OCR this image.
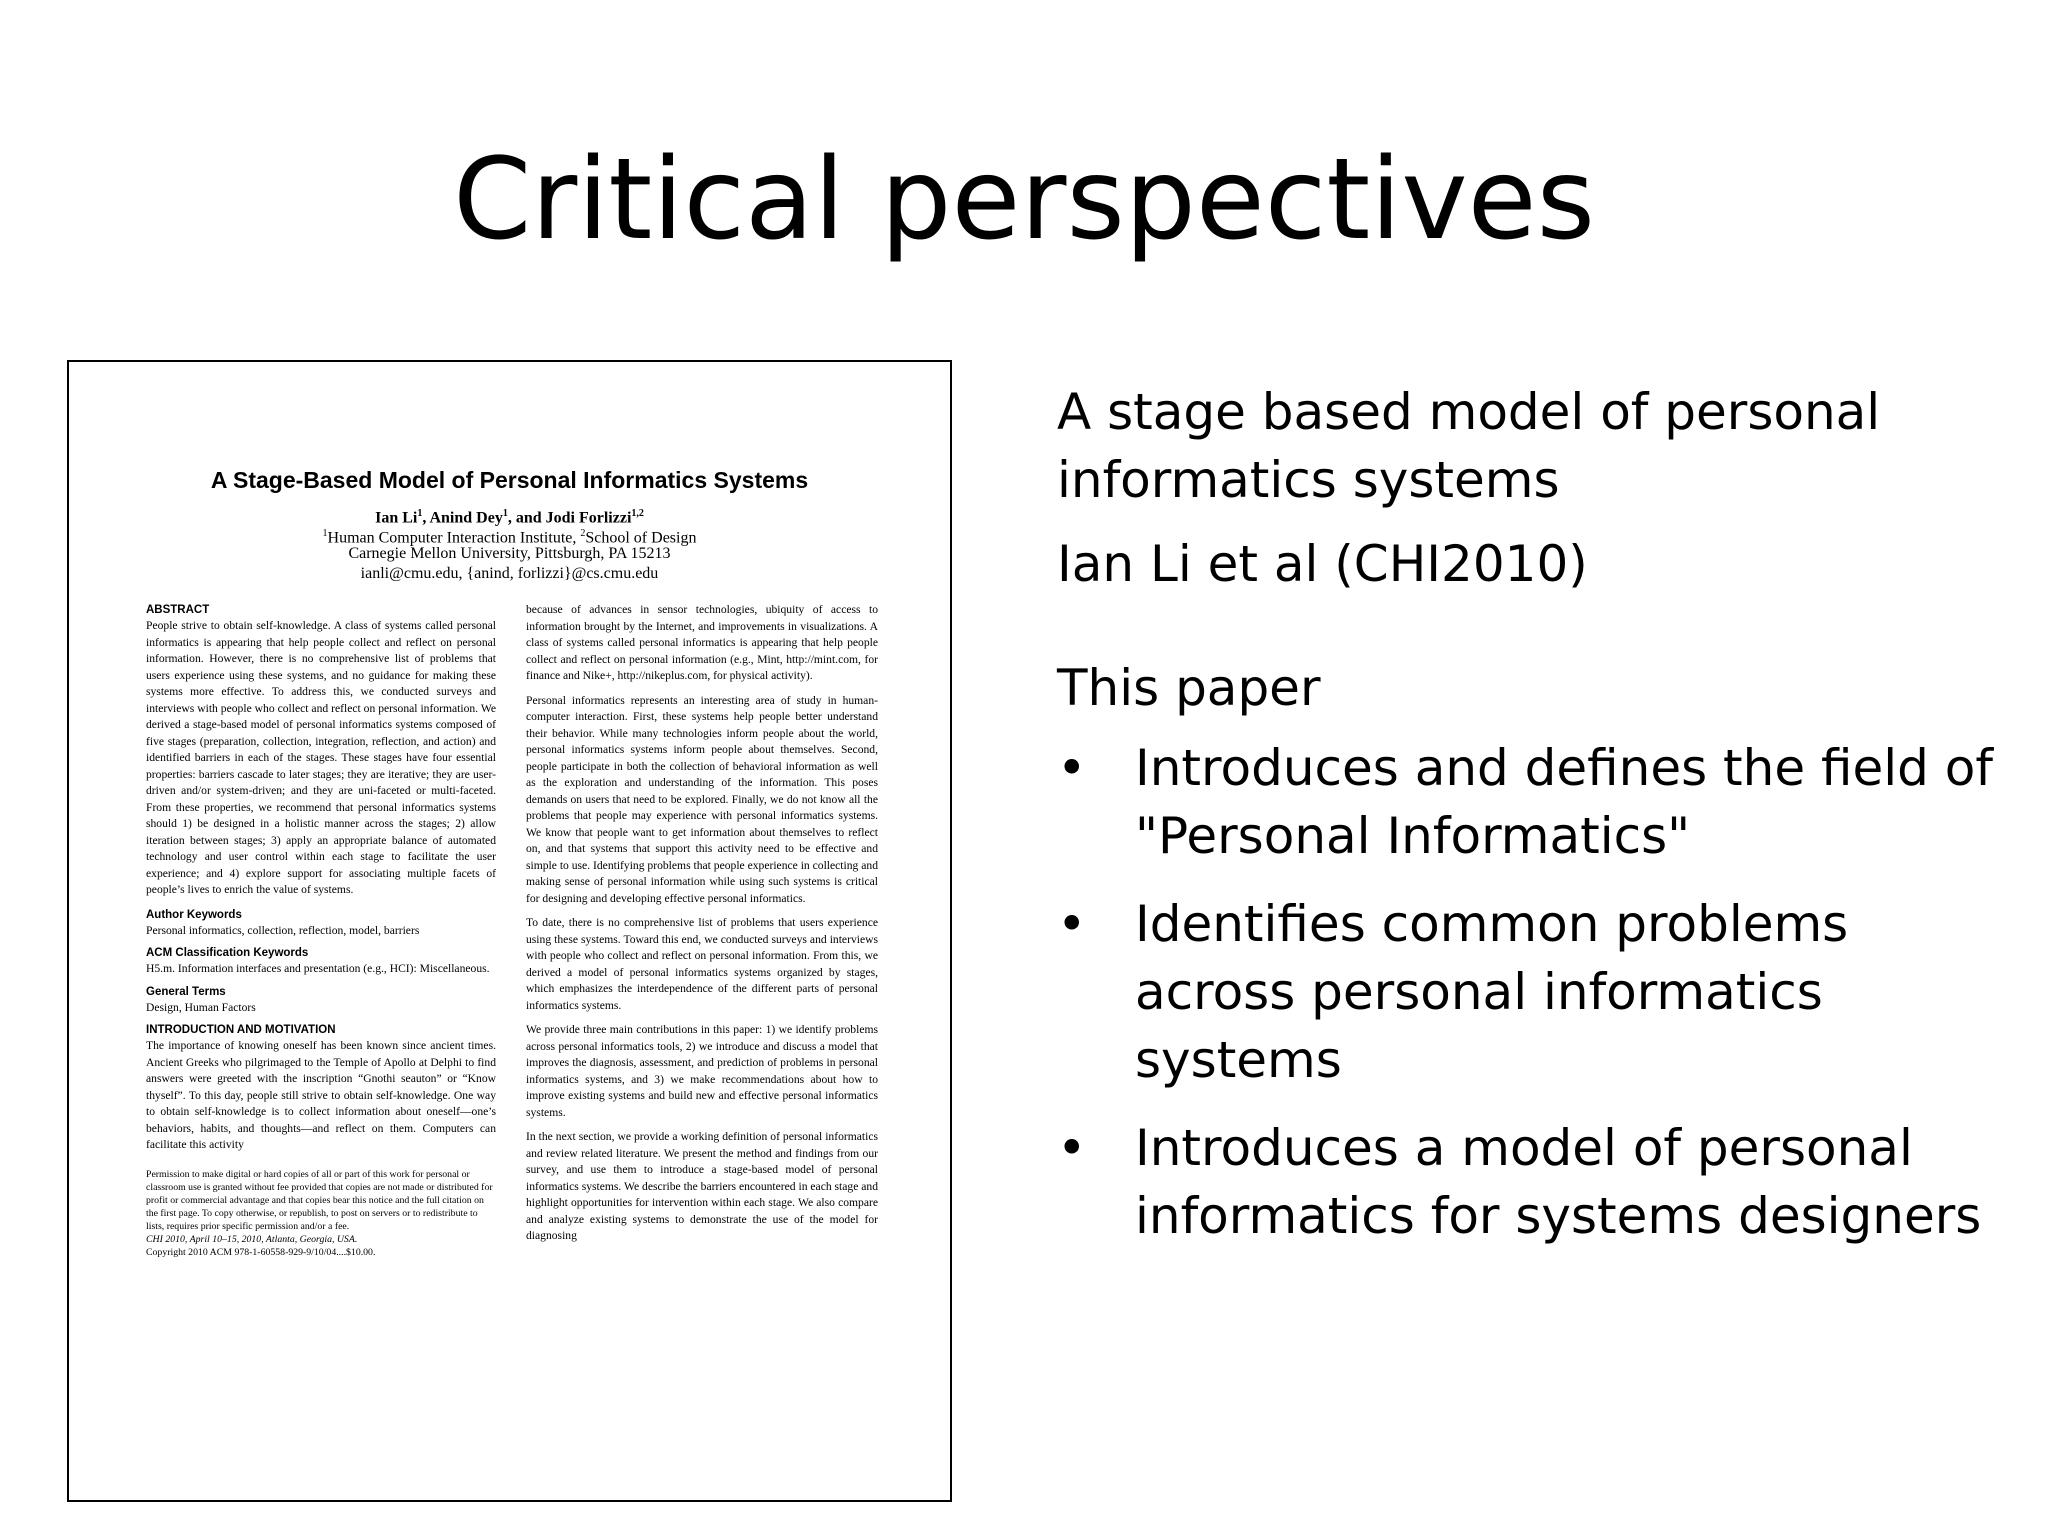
Critical perspectives
A Stage-Based Model of Personal Informatics Systems
Ian Li$^1$, Anind Dey$^1$, and Jodi Forlizzi$^{1,2}$
$^1$Human Computer Interaction Institute, $^2$School of Design
Carnegie Mellon University, Pittsburgh, PA 15213
ianli@cmu.edu, {anind, forlizzi}@cs.cmu.edu
ABSTRACT

People strive to obtain self-knowledge. A class of systems called personal informatics is appearing that help people collect and reflect on personal information. However, there is no comprehensive list of problems that users experience using these systems, and no guidance for making these systems more effective. To address this, we conducted surveys and interviews with people who collect and reflect on personal information. We derived a stage-based model of personal informatics systems composed of five stages (preparation, collection, integration, reflection, and action) and identified barriers in each of the stages. These stages have four essential properties: barriers cascade to later stages; they are iterative; they are user-driven and/or system-driven; and they are uni-faceted or multi-faceted. From these properties, we recommend that personal informatics systems should 1) be designed in a holistic manner across the stages; 2) allow iteration between stages; 3) apply an appropriate balance of automated technology and user control within each stage to facilitate the user experience; and 4) explore support for associating multiple facets of people’s lives to enrich the value of systems.

Author Keywords

Personal informatics, collection, reflection, model, barriers

ACM Classification Keywords

H5.m. Information interfaces and presentation (e.g., HCI): Miscellaneous.

General Terms

Design, Human Factors

INTRODUCTION AND MOTIVATION

The importance of knowing oneself has been known since ancient times. Ancient Greeks who pilgrimaged to the Temple of Apollo at Delphi to find answers were greeted with the inscription “Gnothi seauton” or “Know thyself”. To this day, people still strive to obtain self-knowledge. One way to obtain self-knowledge is to collect information about oneself—one’s behaviors, habits, and thoughts—and reflect on them. Computers can facilitate this activity

Permission to make digital or hard copies of all or part of this work for personal or classroom use is granted without fee provided that copies are not made or distributed for profit or commercial advantage and that copies bear this notice and the full citation on the first page. To copy otherwise, or republish, to post on servers or to redistribute to lists, requires prior specific permission and/or a fee.
CHI 2010, April 10–15, 2010, Atlanta, Georgia, USA.
Copyright 2010 ACM 978-1-60558-929-9/10/04....$10.00.

because of advances in sensor technologies, ubiquity of access to information brought by the Internet, and improvements in visualizations. A class of systems called personal informatics is appearing that help people collect and reflect on personal information (e.g., Mint, http://mint.com, for finance and Nike+, http://nikeplus.com, for physical activity).

Personal informatics represents an interesting area of study in human-computer interaction. First, these systems help people better understand their behavior. While many technologies inform people about the world, personal informatics systems inform people about themselves. Second, people participate in both the collection of behavioral information as well as the exploration and understanding of the information. This poses demands on users that need to be explored. Finally, we do not know all the problems that people may experience with personal informatics systems. We know that people want to get information about themselves to reflect on, and that systems that support this activity need to be effective and simple to use. Identifying problems that people experience in collecting and making sense of personal information while using such systems is critical for designing and developing effective personal informatics.

To date, there is no comprehensive list of problems that users experience using these systems. Toward this end, we conducted surveys and interviews with people who collect and reflect on personal information. From this, we derived a model of personal informatics systems organized by stages, which emphasizes the interdependence of the different parts of personal informatics systems.

We provide three main contributions in this paper: 1) we identify problems across personal informatics tools, 2) we introduce and discuss a model that improves the diagnosis, assessment, and prediction of problems in personal informatics systems, and 3) we make recommendations about how to improve existing systems and build new and effective personal informatics systems.

In the next section, we provide a working definition of personal informatics and review related literature. We present the method and findings from our survey, and use them to introduce a stage-based model of personal informatics systems. We describe the barriers encountered in each stage and highlight opportunities for intervention within each stage. We also compare and analyze existing systems to demonstrate the use of the model for diagnosing

A stage based model of personal

informatics systems

Ian Li et al (CHI2010)

This paper

• Introduces and defines the field of "Personal Informatics"
• Identifies common problems across personal informatics systems
• Introduces a model of personal informatics for systems designers
